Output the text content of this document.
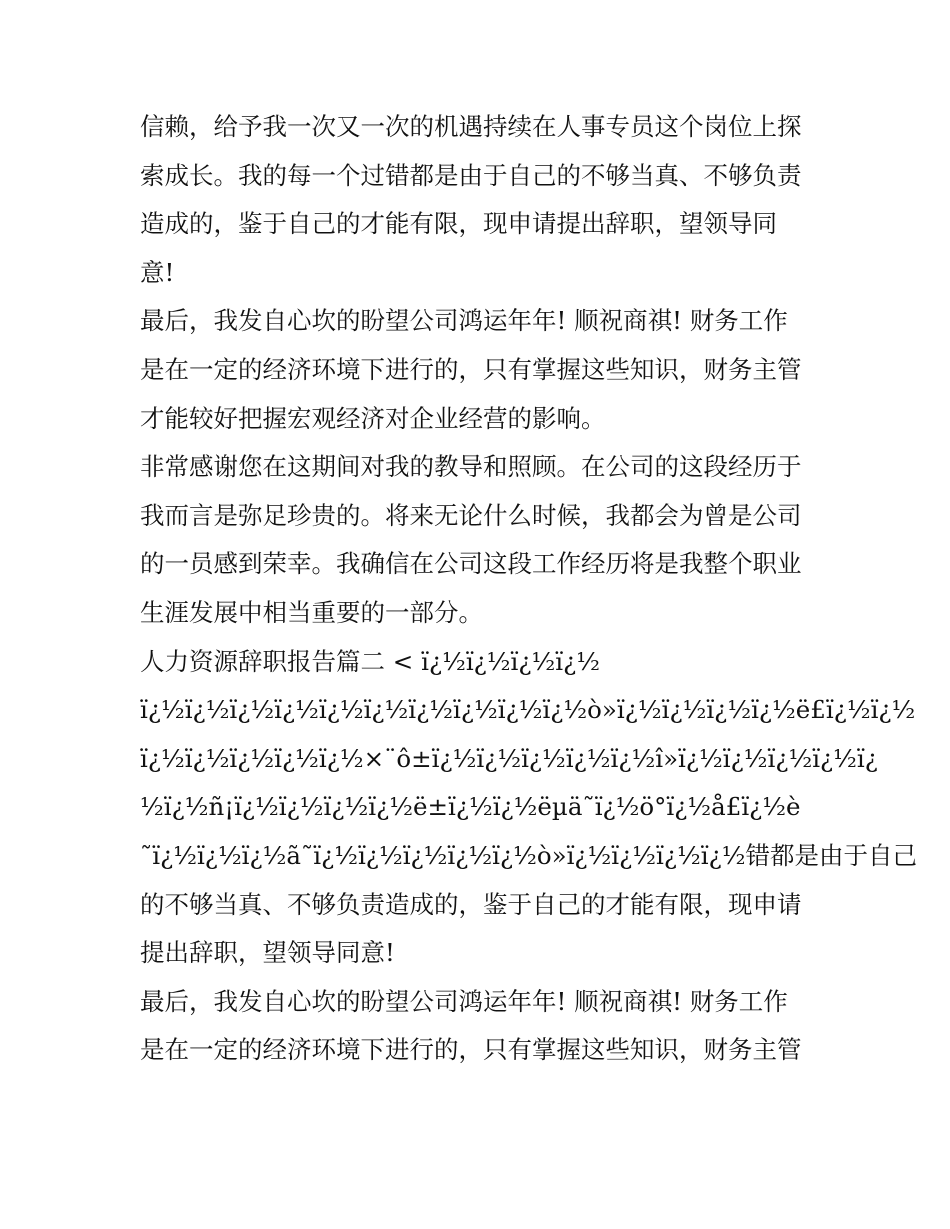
信赖，给予我一次又一次的机遇持续在人事专员这个岗位上探
索成长。我的每一个过错都是由于自己的不够当真、不够负责
造成的，鉴于自己的才能有限，现申请提出辞职，望领导同
意!
最后，我发自心坎的盼望公司鸿运年年! 顺祝商祺! 财务工作
是在一定的经济环境下进行的，只有掌握这些知识，财务主管
才能较好把握宏观经济对企业经营的影响。
非常感谢您在这期间对我的教导和照顾。在公司的这段经历于
我而言是弥足珍贵的。将来无论什么时候，我都会为曾是公司
的一员感到荣幸。我确信在公司这段工作经历将是我整个职业
生涯发展中相当重要的一部分。
人力资源辞职报告篇二 < ï¿½ï¿½ï¿½ï¿½
ï¿½ï¿½ï¿½ï¿½ï¿½ï¿½ï¿½ï¿½ï¿½ï¿½ò»ï¿½ï¿½ï¿½ï¿½ë£ï¿½ï¿½
ï¿½ï¿½ï¿½ï¿½ï¿½×¨ô±ï¿½ï¿½ï¿½ï¿½ï¿½î»ï¿½ï¿½ï¿½ï¿½ï¿
½ï¿½ñ¡ï¿½ï¿½ï¿½ï¿½ë±ï¿½ï¿½ëµä˜ï¿½ö°ï¿½å£ï¿½è
˜ï¿½ï¿½ï¿½ã˜ï¿½ï¿½ï¿½ï¿½ï¿½ò»ï¿½ï¿½ï¿½ï¿½错都是由于自己
的不够当真、不够负责造成的，鉴于自己的才能有限，现申请
提出辞职，望领导同意!
最后，我发自心坎的盼望公司鸿运年年! 顺祝商祺! 财务工作
是在一定的经济环境下进行的，只有掌握这些知识，财务主管
